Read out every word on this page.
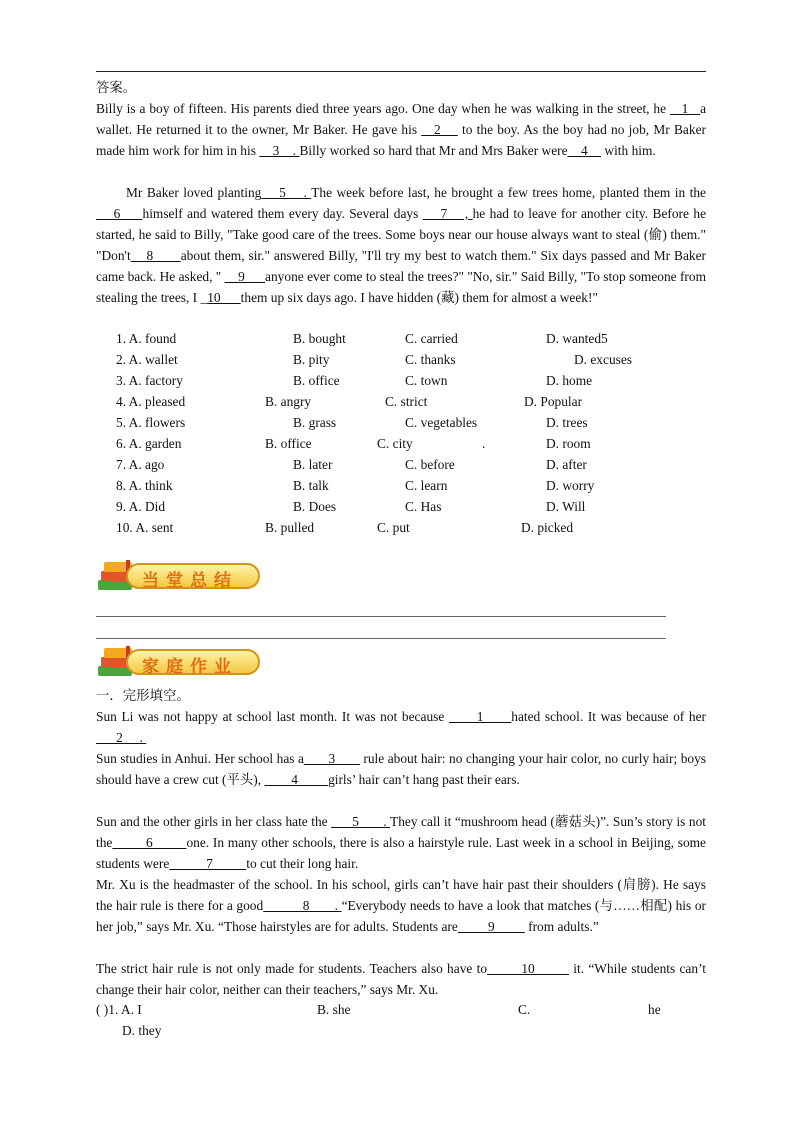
答案。

Billy is a boy of fifteen. His parents died three years ago. One day when he was walking in the street, he    1   a wallet. He returned it to the owner, Mr Baker. He gave his    2     to the boy. As the boy had no job, Mr Baker made him work for him in his     3    . Billy worked so hard that Mr and Mrs Baker were    4     with him.

Mr Baker loved planting    5    . The week before last, he brought a few trees home, planted them in the     6     himself and watered them every day. Several days     7    , he had to leave for another city. Before he started, he said to Billy, "Take good care of the trees. Some boys near our house always want to steal (偷) them." "Don't    8       about them, sir." answered Billy, "I'll try my best to watch them." Six days passed and Mr Baker came back. He asked, "     9      anyone ever come to steal the trees?" "No, sir." Said Billy, "To stop someone from stealing the trees, I _10      them up six days ago. I have hidden (藏) them for almost a week!"

1. A. found	B. bought	C. carried	D. wanted5
2. A. wallet	B. pity	C. thanks	D. excuses
3. A. factory	B. office	C. town	D. home
4. A. pleased	B. angry	C. strict	D. Popular
5. A. flowers	B. grass	C. vegetables	D. trees
6. A. garden	B. office	C. city	.	D. room
7. A. ago	B. later	C. before	D. after
8. A. think	B. talk	C. learn	D. worry
9. A. Did	B. Does	C. Has	D. Will
10. A. sent	B. pulled	C. put	D. picked
当堂总结
家庭作业

一．完形填空。

Sun Li was not happy at school last month. It was not because       1      hated school. It was because of her       2     .

Sun studies in Anhui. Her school has a       3        rule about hair: no changing your hair color, no curly hair; boys should have a crew cut (平头),         4         girls’ hair can’t hang past their ears.

Sun and the other girls in her class hate the       5       . They call it “mushroom head (蘑菇头)”. Sun’s story is not the         6         one. In many other schools, there is also a hairstyle rule. Last week in a school in Beijing, some students were           7          to cut their long hair.

Mr. Xu is the headmaster of the school. In his school, girls can’t have hair past their shoulders (肩膀). He says the hair rule is there for a good           8       . “Everybody needs to have a look that matches (与……相配) his or her job,” says Mr. Xu. “Those hairstyles are for adults. Students are         9          from adults.”

The strict hair rule is not only made for students. Teachers also have to        10         it. “While students can’t change their hair color, neither can their teachers,” says Mr. Xu.

( )1. A. I	B. she	C.	he
D. they
